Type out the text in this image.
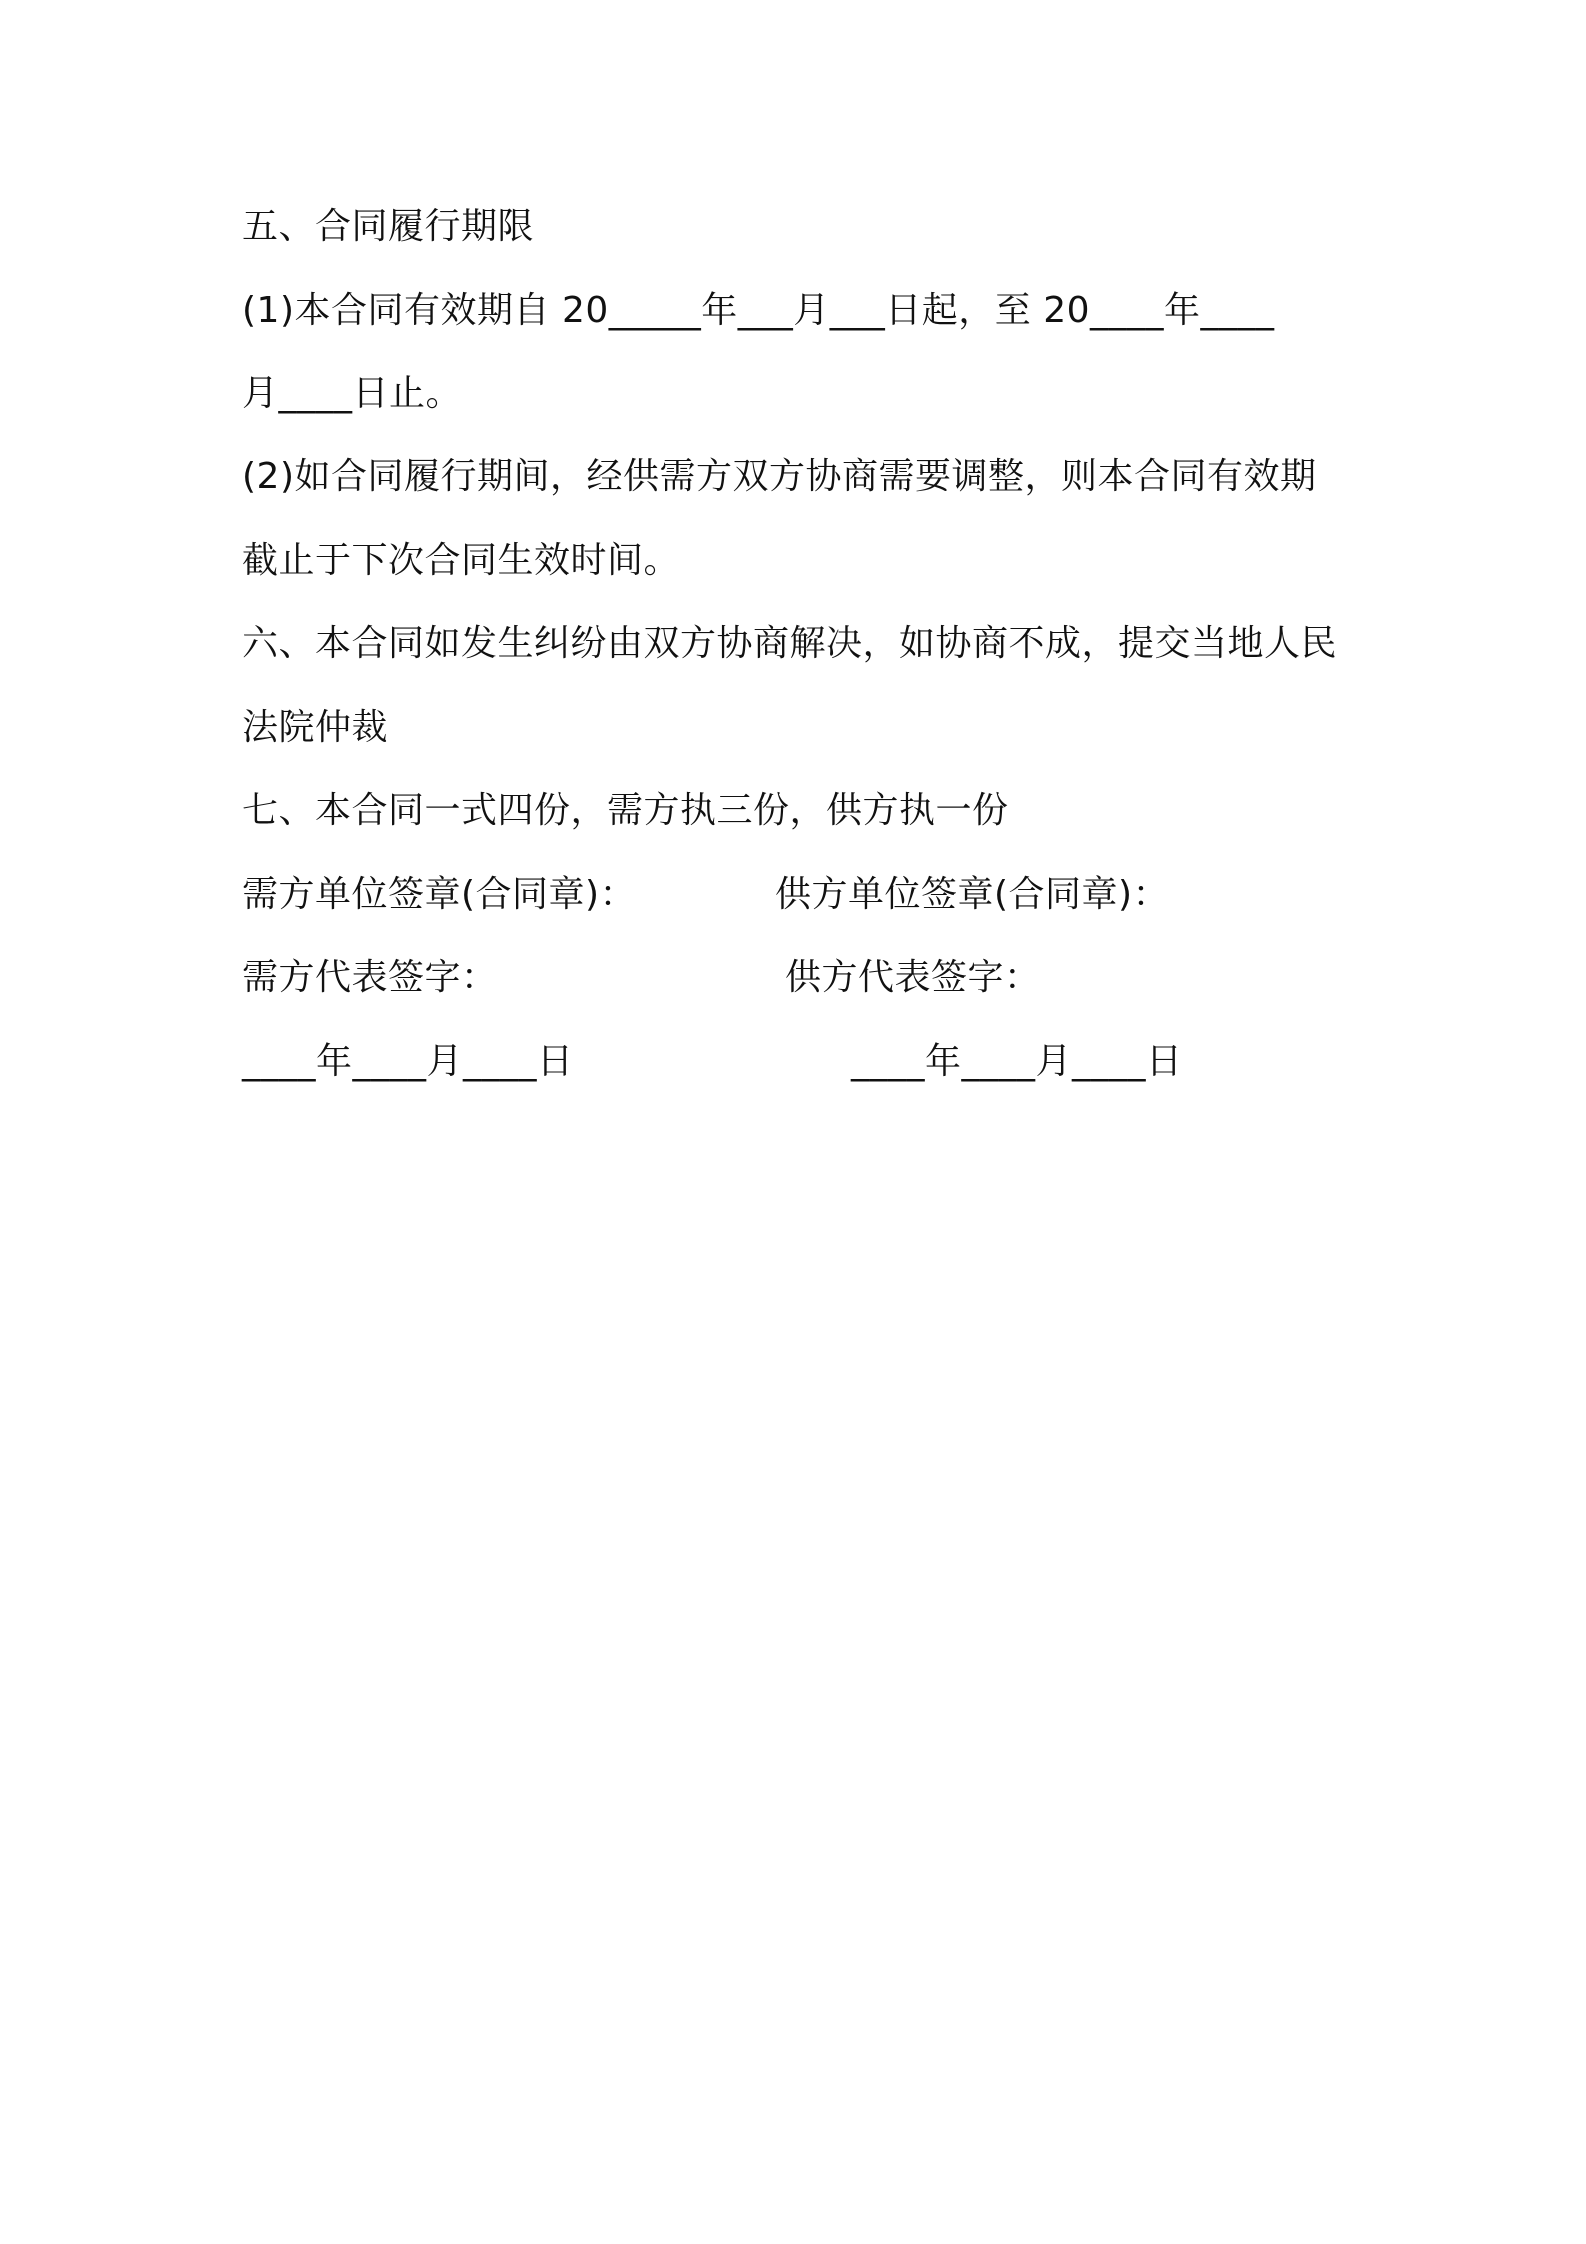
五、合同履行期限
(1)本合同有效期自 20_____年___月___日起，至 20____年____
月____日止。
(2)如合同履行期间，经供需方双方协商需要调整，则本合同有效期
截止于下次合同生效时间。
六、本合同如发生纠纷由双方协商解决，如协商不成，提交当地人民
法院仲裁
七、本合同一式四份，需方执三份，供方执一份
需方单位签章(合同章)：	供方单位签章(合同章)：
需方代表签字：	供方代表签字：
____年____月____日	____年____月____日
